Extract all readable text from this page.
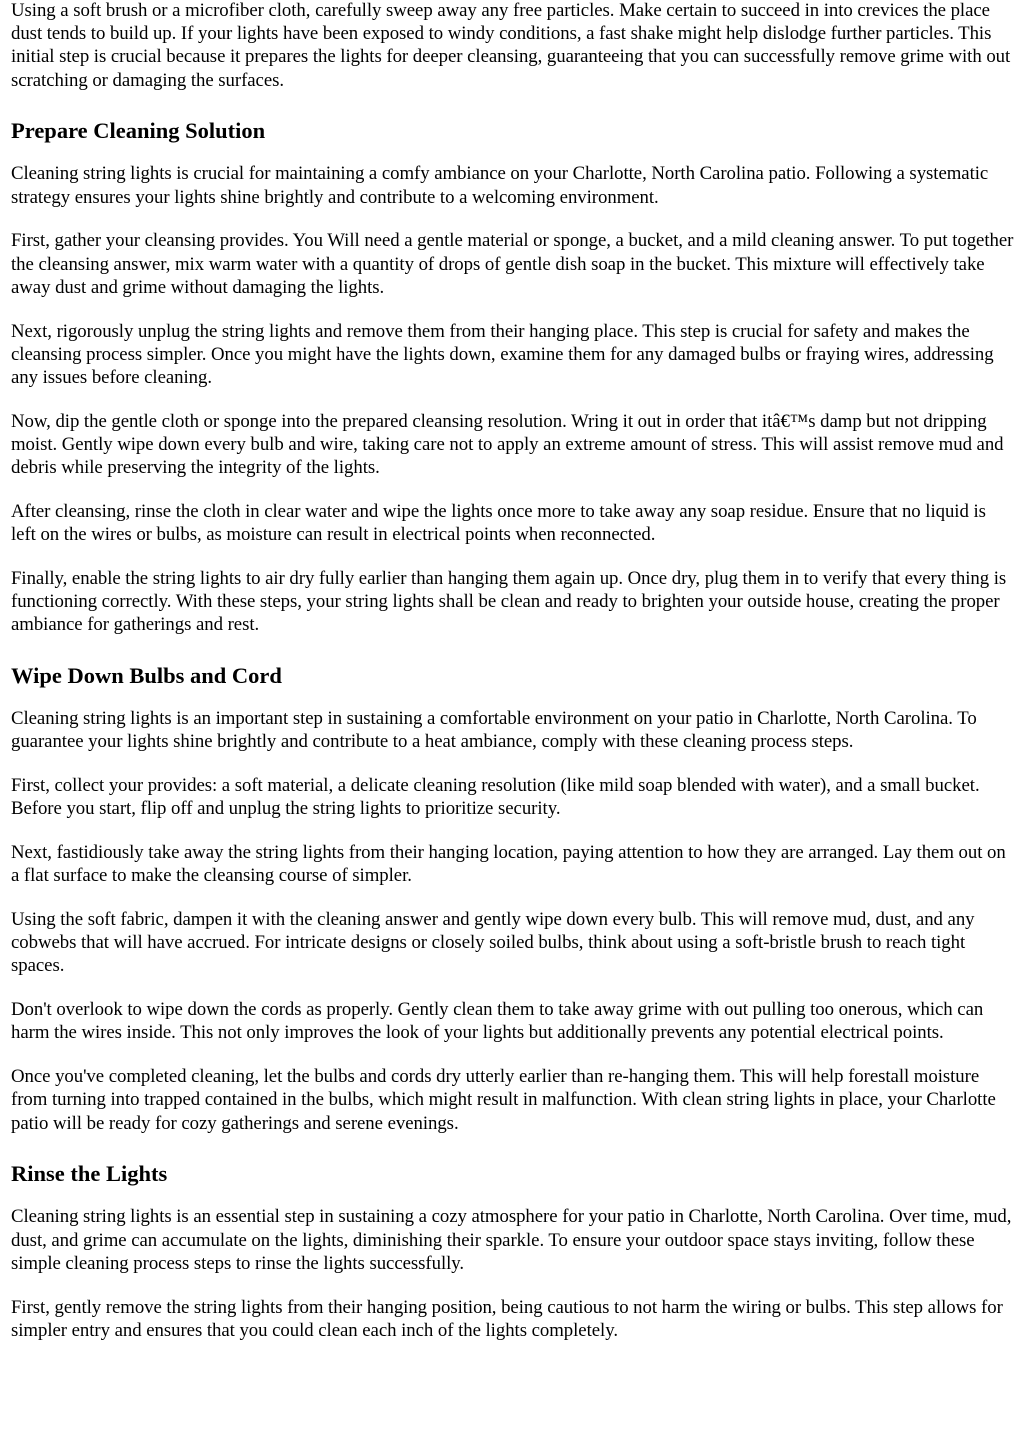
Using a soft brush or a microfiber cloth, carefully sweep away any free particles. Make certain to succeed in into crevices the place dust tends to build up. If your lights have been exposed to windy conditions, a fast shake might help dislodge further particles. This initial step is crucial because it prepares the lights for deeper cleansing, guaranteeing that you can successfully remove grime with out scratching or damaging the surfaces.

Prepare Cleaning Solution

Cleaning string lights is crucial for maintaining a comfy ambiance on your Charlotte, North Carolina patio. Following a systematic strategy ensures your lights shine brightly and contribute to a welcoming environment.

First, gather your cleansing provides. You Will need a gentle material or sponge, a bucket, and a mild cleaning answer. To put together the cleansing answer, mix warm water with a quantity of drops of gentle dish soap in the bucket. This mixture will effectively take away dust and grime without damaging the lights.

Next, rigorously unplug the string lights and remove them from their hanging place. This step is crucial for safety and makes the cleansing process simpler. Once you might have the lights down, examine them for any damaged bulbs or fraying wires, addressing any issues before cleaning.

Now, dip the gentle cloth or sponge into the prepared cleansing resolution. Wring it out in order that itâ€™s damp but not dripping moist. Gently wipe down every bulb and wire, taking care not to apply an extreme amount of stress. This will assist remove mud and debris while preserving the integrity of the lights.

After cleansing, rinse the cloth in clear water and wipe the lights once more to take away any soap residue. Ensure that no liquid is left on the wires or bulbs, as moisture can result in electrical points when reconnected.

Finally, enable the string lights to air dry fully earlier than hanging them again up. Once dry, plug them in to verify that every thing is functioning correctly. With these steps, your string lights shall be clean and ready to brighten your outside house, creating the proper ambiance for gatherings and rest.

Wipe Down Bulbs and Cord

Cleaning string lights is an important step in sustaining a comfortable environment on your patio in Charlotte, North Carolina. To guarantee your lights shine brightly and contribute to a heat ambiance, comply with these cleaning process steps.

First, collect your provides: a soft material, a delicate cleaning resolution (like mild soap blended with water), and a small bucket. Before you start, flip off and unplug the string lights to prioritize security.

Next, fastidiously take away the string lights from their hanging location, paying attention to how they are arranged. Lay them out on a flat surface to make the cleansing course of simpler.

Using the soft fabric, dampen it with the cleaning answer and gently wipe down every bulb. This will remove mud, dust, and any cobwebs that will have accrued. For intricate designs or closely soiled bulbs, think about using a soft-bristle brush to reach tight spaces.

Don't overlook to wipe down the cords as properly. Gently clean them to take away grime with out pulling too onerous, which can harm the wires inside. This not only improves the look of your lights but additionally prevents any potential electrical points.

Once you've completed cleaning, let the bulbs and cords dry utterly earlier than re-hanging them. This will help forestall moisture from turning into trapped contained in the bulbs, which might result in malfunction. With clean string lights in place, your Charlotte patio will be ready for cozy gatherings and serene evenings.

Rinse the Lights

Cleaning string lights is an essential step in sustaining a cozy atmosphere for your patio in Charlotte, North Carolina. Over time, mud, dust, and grime can accumulate on the lights, diminishing their sparkle. To ensure your outdoor space stays inviting, follow these simple cleaning process steps to rinse the lights successfully.

First, gently remove the string lights from their hanging position, being cautious to not harm the wiring or bulbs. This step allows for simpler entry and ensures that you could clean each inch of the lights completely.
